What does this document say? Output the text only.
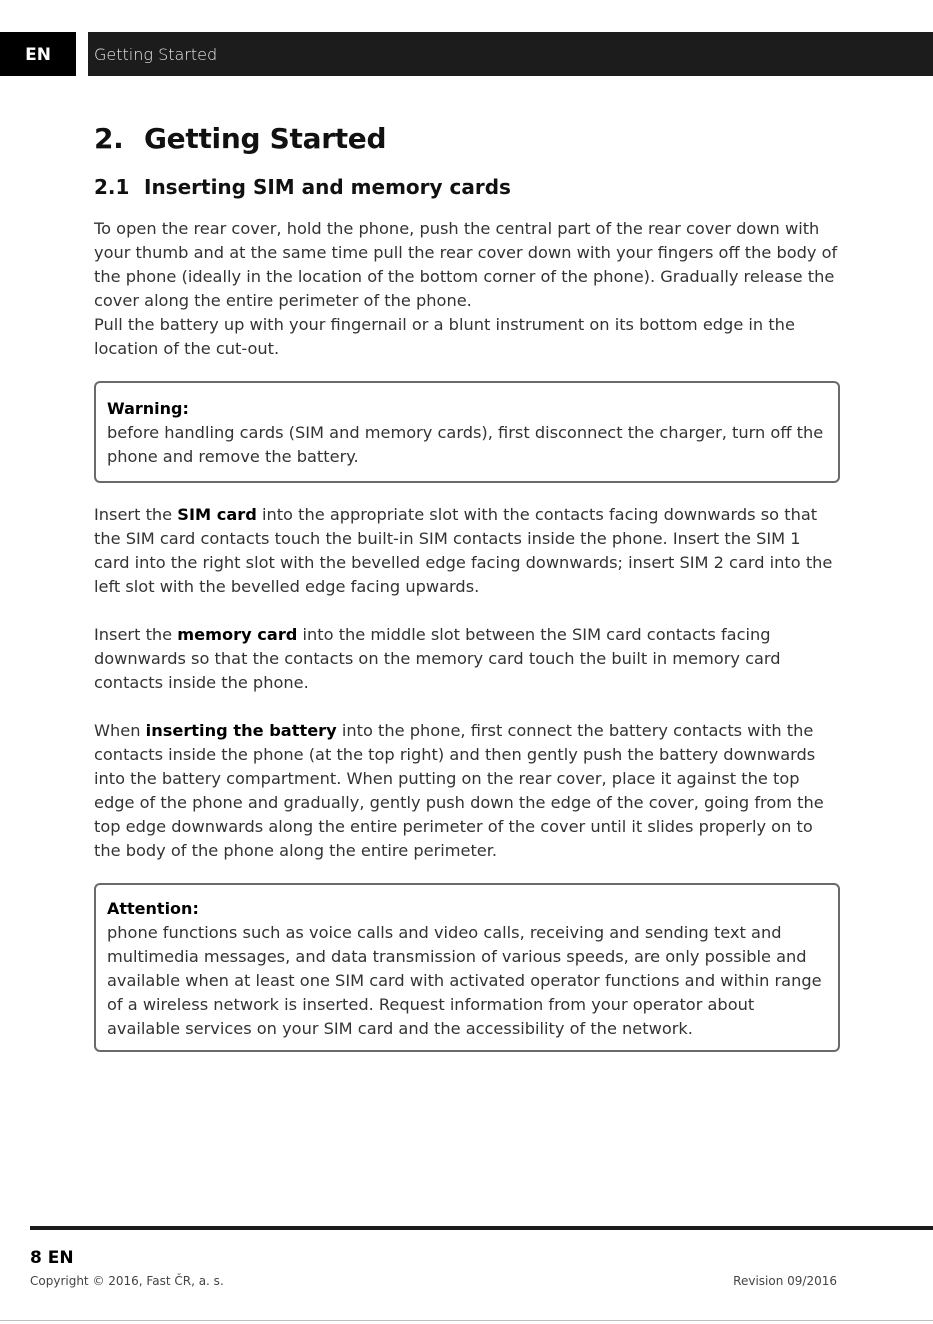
EN	Getting Started
2. Getting Started
2.1 Inserting SIM and memory cards

To open the rear cover, hold the phone, push the central part of the rear cover down with your thumb and at the same time pull the rear cover down with your fingers off the body of the phone (ideally in the location of the bottom corner of the phone). Gradually release the cover along the entire perimeter of the phone.

Pull the battery up with your fingernail or a blunt instrument on its bottom edge in the location of the cut-out.

Warning:

before handling cards (SIM and memory cards), first disconnect the charger, turn off the phone and remove the battery.

Insert the SIM card into the appropriate slot with the contacts facing downwards so that the SIM card contacts touch the built-in SIM contacts inside the phone. Insert the SIM 1 card into the right slot with the bevelled edge facing downwards; insert SIM 2 card into the left slot with the bevelled edge facing upwards.

Insert the memory card into the middle slot between the SIM card contacts facing downwards so that the contacts on the memory card touch the built in memory card contacts inside the phone.

When inserting the battery into the phone, first connect the battery contacts with the contacts inside the phone (at the top right) and then gently push the battery downwards into the battery compartment. When putting on the rear cover, place it against the top edge of the phone and gradually, gently push down the edge of the cover, going from the top edge downwards along the entire perimeter of the cover until it slides properly on to the body of the phone along the entire perimeter.

Attention:

phone functions such as voice calls and video calls, receiving and sending text and multimedia messages, and data transmission of various speeds, are only possible and available when at least one SIM card with activated operator functions and within range of a wireless network is inserted. Request information from your operator about available services on your SIM card and the accessibility of the network.

8 EN
Copyright © 2016, Fast ČR, a. s.	Revision 09/2016
